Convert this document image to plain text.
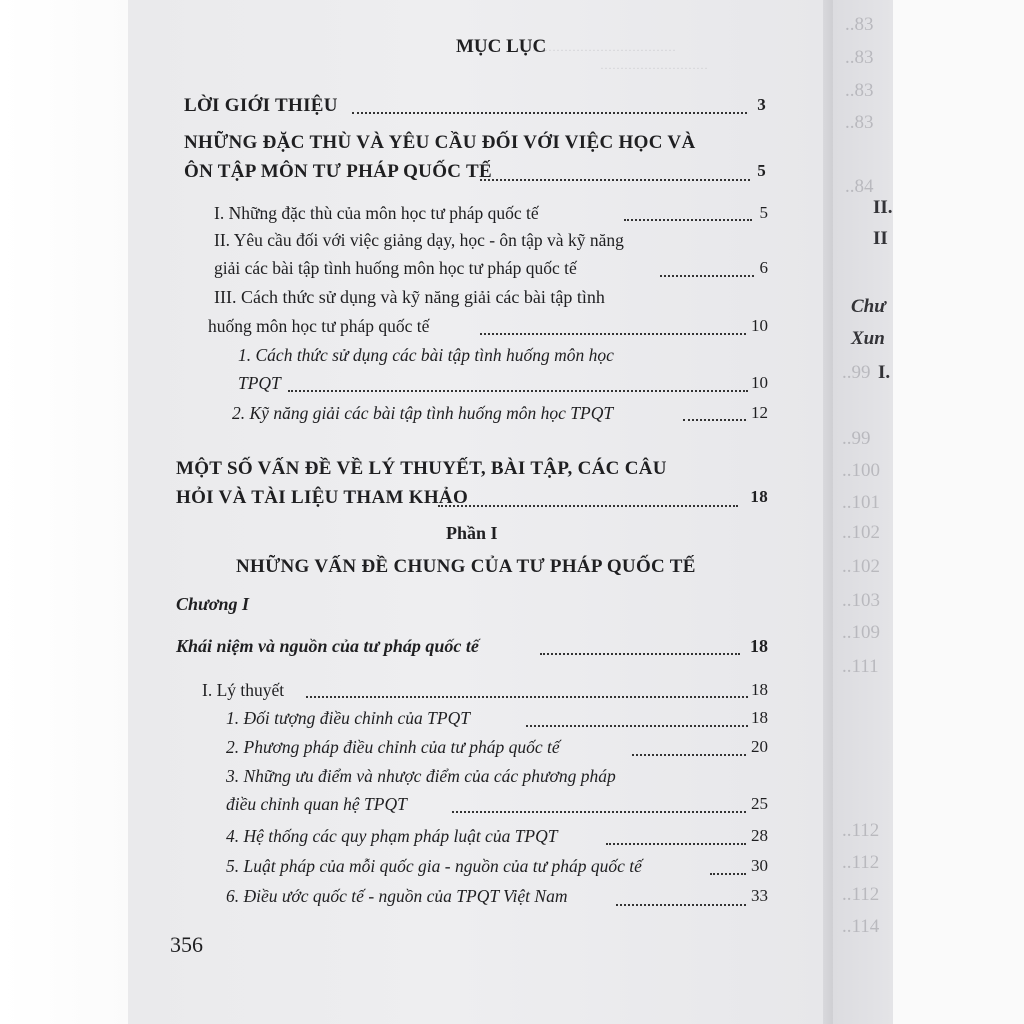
…………………………………
………………………
MỤC LỤC
LỜI GIỚI THIỆU	3
NHỮNG ĐẶC THÙ VÀ YÊU CẦU ĐỐI VỚI VIỆC HỌC VÀ
ÔN TẬP MÔN TƯ PHÁP QUỐC TẾ	5
I. Những đặc thù của môn học tư pháp quốc tế	5
II. Yêu cầu đối với việc giảng dạy, học - ôn tập và kỹ năng
giải các bài tập tình huống môn học tư pháp quốc tế	6
III. Cách thức sử dụng và kỹ năng giải các bài tập tình
huống môn học tư pháp quốc tế	10
1. Cách thức sử dụng các bài tập tình huống môn học
TPQT	10
2. Kỹ năng giải các bài tập tình huống môn học TPQT	12
MỘT SỐ VẤN ĐỀ VỀ LÝ THUYẾT, BÀI TẬP, CÁC CÂU
HỎI VÀ TÀI LIỆU THAM KHẢO	18
Phần I
NHỮNG VẤN ĐỀ CHUNG CỦA TƯ PHÁP QUỐC TẾ
Chương I
Khái niệm và nguồn của tư pháp quốc tế	18
I. Lý thuyết	18
1. Đối tượng điều chỉnh của TPQT	18
2. Phương pháp điều chỉnh của tư pháp quốc tế	20
3. Những ưu điểm và nhược điểm của các phương pháp
điều chỉnh quan hệ TPQT	25
4. Hệ thống các quy phạm pháp luật của TPQT	28
5. Luật pháp của mỗi quốc gia - nguồn của tư pháp quốc tế	30
6. Điều ước quốc tế - nguồn của TPQT Việt Nam	33
356
..83
..83
..83
..83
..84
II.
II
Chư
Xun
..99 I.
..99
..100
..101
..102
..102
..103
..109
..111
..112
..112
..112
..114
